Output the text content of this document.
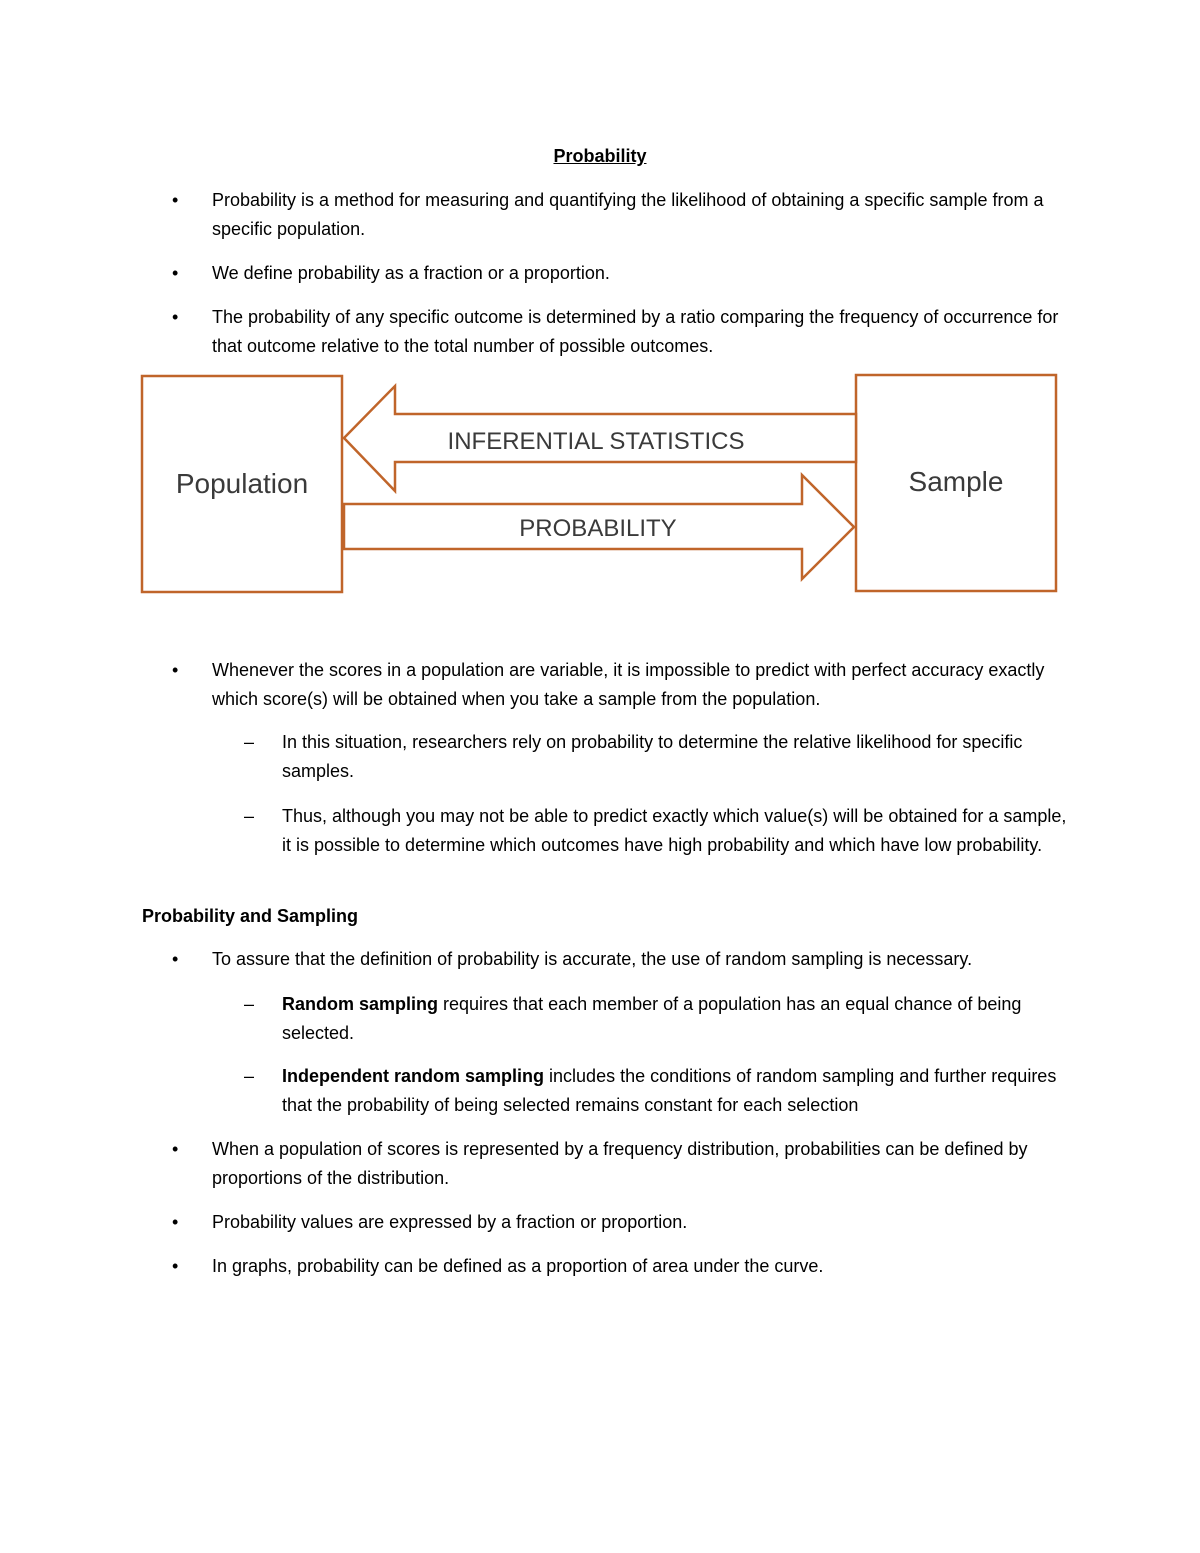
Probability
•	Probability is a method for measuring and quantifying the likelihood of obtaining a specific sample from a specific population.
•	We define probability as a fraction or a proportion.
•	The probability of any specific outcome is determined by a ratio comparing the frequency of occurrence for that outcome relative to the total number of possible outcomes.
Population	Sample
INFERENTIAL STATISTICS
PROBABILITY
•	Whenever the scores in a population are variable, it is impossible to predict with perfect accuracy exactly which score(s) will be obtained when you take a sample from the population.
–	In this situation, researchers rely on probability to determine the relative likelihood for specific samples.
–	Thus, although you may not be able to predict exactly which value(s) will be obtained for a sample, it is possible to determine which outcomes have high probability and which have low probability.
Probability and Sampling
•	To assure that the definition of probability is accurate, the use of random sampling is necessary.
–	Random sampling requires that each member of a population has an equal chance of being selected.
–	Independent random sampling includes the conditions of random sampling and further requires that the probability of being selected remains constant for each selection
•	When a population of scores is represented by a frequency distribution, probabilities can be defined by proportions of the distribution.
•	Probability values are expressed by a fraction or proportion.
•	In graphs, probability can be defined as a proportion of area under the curve.
